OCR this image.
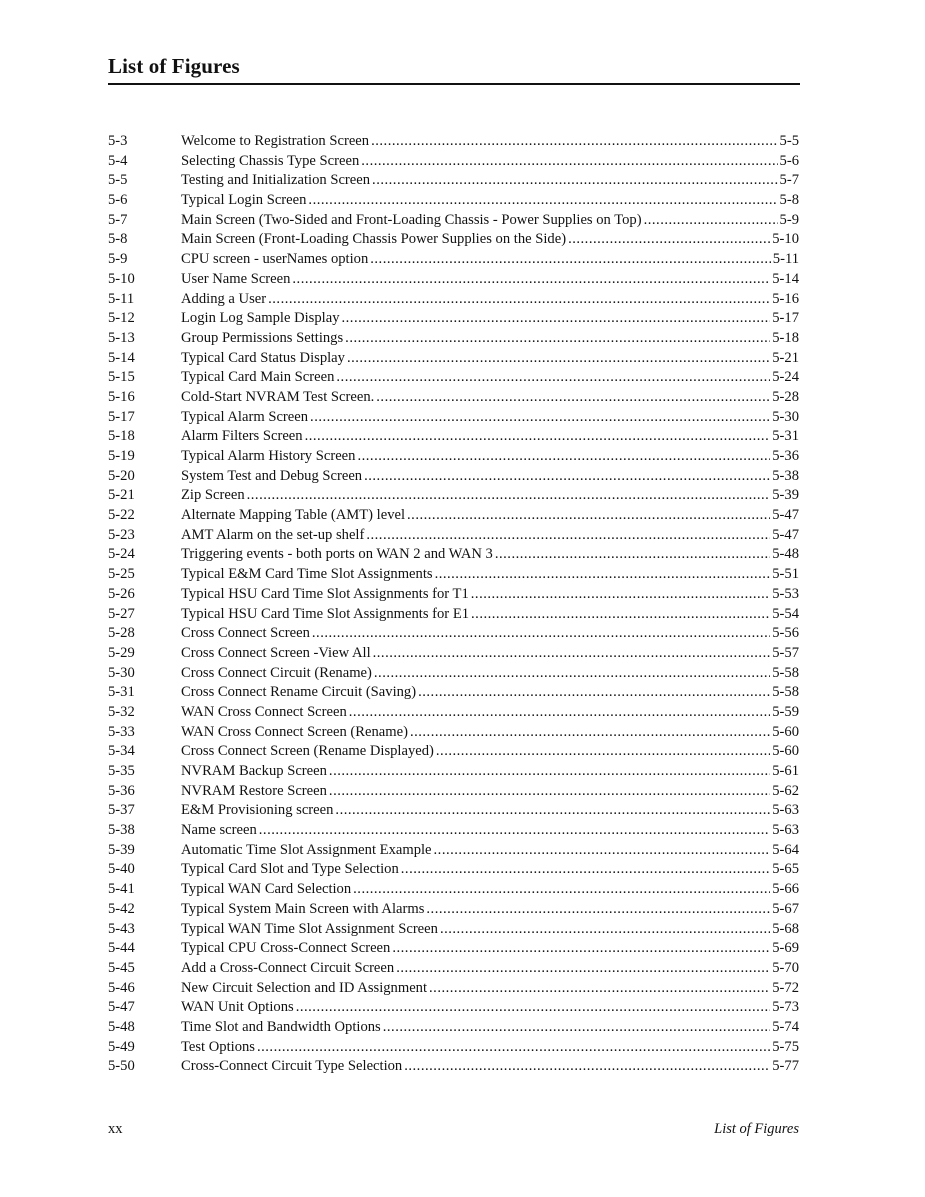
List of Figures
5-3	Welcome to Registration Screen .....	5-5
5-4	Selecting Chassis Type Screen .....	5-6
5-5	Testing and Initialization Screen .....	5-7
5-6	Typical Login Screen .....	5-8
5-7	Main Screen (Two-Sided and Front-Loading Chassis - Power Supplies on Top) .....	5-9
5-8	Main Screen (Front-Loading Chassis Power Supplies on the Side) .....	5-10
5-9	CPU screen - userNames option .....	5-11
5-10	User Name Screen .....	5-14
5-11	Adding a User .....	5-16
5-12	Login Log Sample Display .....	5-17
5-13	Group Permissions Settings .....	5-18
5-14	Typical Card Status Display .....	5-21
5-15	Typical Card Main Screen .....	5-24
5-16	Cold-Start NVRAM Test Screen. .....	5-28
5-17	Typical Alarm Screen .....	5-30
5-18	Alarm Filters Screen .....	5-31
5-19	Typical Alarm History Screen .....	5-36
5-20	System Test and Debug Screen .....	5-38
5-21	Zip Screen .....	5-39
5-22	Alternate Mapping Table (AMT) level .....	5-47
5-23	AMT Alarm on the set-up shelf .....	5-47
5-24	Triggering events - both ports on WAN 2 and WAN 3 .....	5-48
5-25	Typical E&M Card Time Slot Assignments .....	5-51
5-26	Typical HSU Card Time Slot Assignments for T1 .....	5-53
5-27	Typical HSU Card Time Slot Assignments for E1 .....	5-54
5-28	Cross Connect Screen .....	5-56
5-29	Cross Connect Screen -View All .....	5-57
5-30	Cross Connect Circuit (Rename) .....	5-58
5-31	Cross Connect Rename Circuit (Saving) .....	5-58
5-32	WAN Cross Connect Screen .....	5-59
5-33	WAN Cross Connect Screen (Rename) .....	5-60
5-34	Cross Connect Screen (Rename Displayed) .....	5-60
5-35	NVRAM Backup Screen .....	5-61
5-36	NVRAM Restore Screen .....	5-62
5-37	E&M Provisioning screen .....	5-63
5-38	Name screen .....	5-63
5-39	Automatic Time Slot Assignment Example .....	5-64
5-40	Typical Card Slot and Type Selection .....	5-65
5-41	Typical WAN Card Selection .....	5-66
5-42	Typical System Main Screen with Alarms .....	5-67
5-43	Typical WAN Time Slot Assignment Screen .....	5-68
5-44	Typical CPU Cross-Connect Screen .....	5-69
5-45	Add a Cross-Connect Circuit Screen .....	5-70
5-46	New Circuit Selection and ID Assignment .....	5-72
5-47	WAN Unit Options .....	5-73
5-48	Time Slot and Bandwidth Options .....	5-74
5-49	Test Options .....	5-75
5-50	Cross-Connect Circuit Type Selection .....	5-77
xx	List of Figures
